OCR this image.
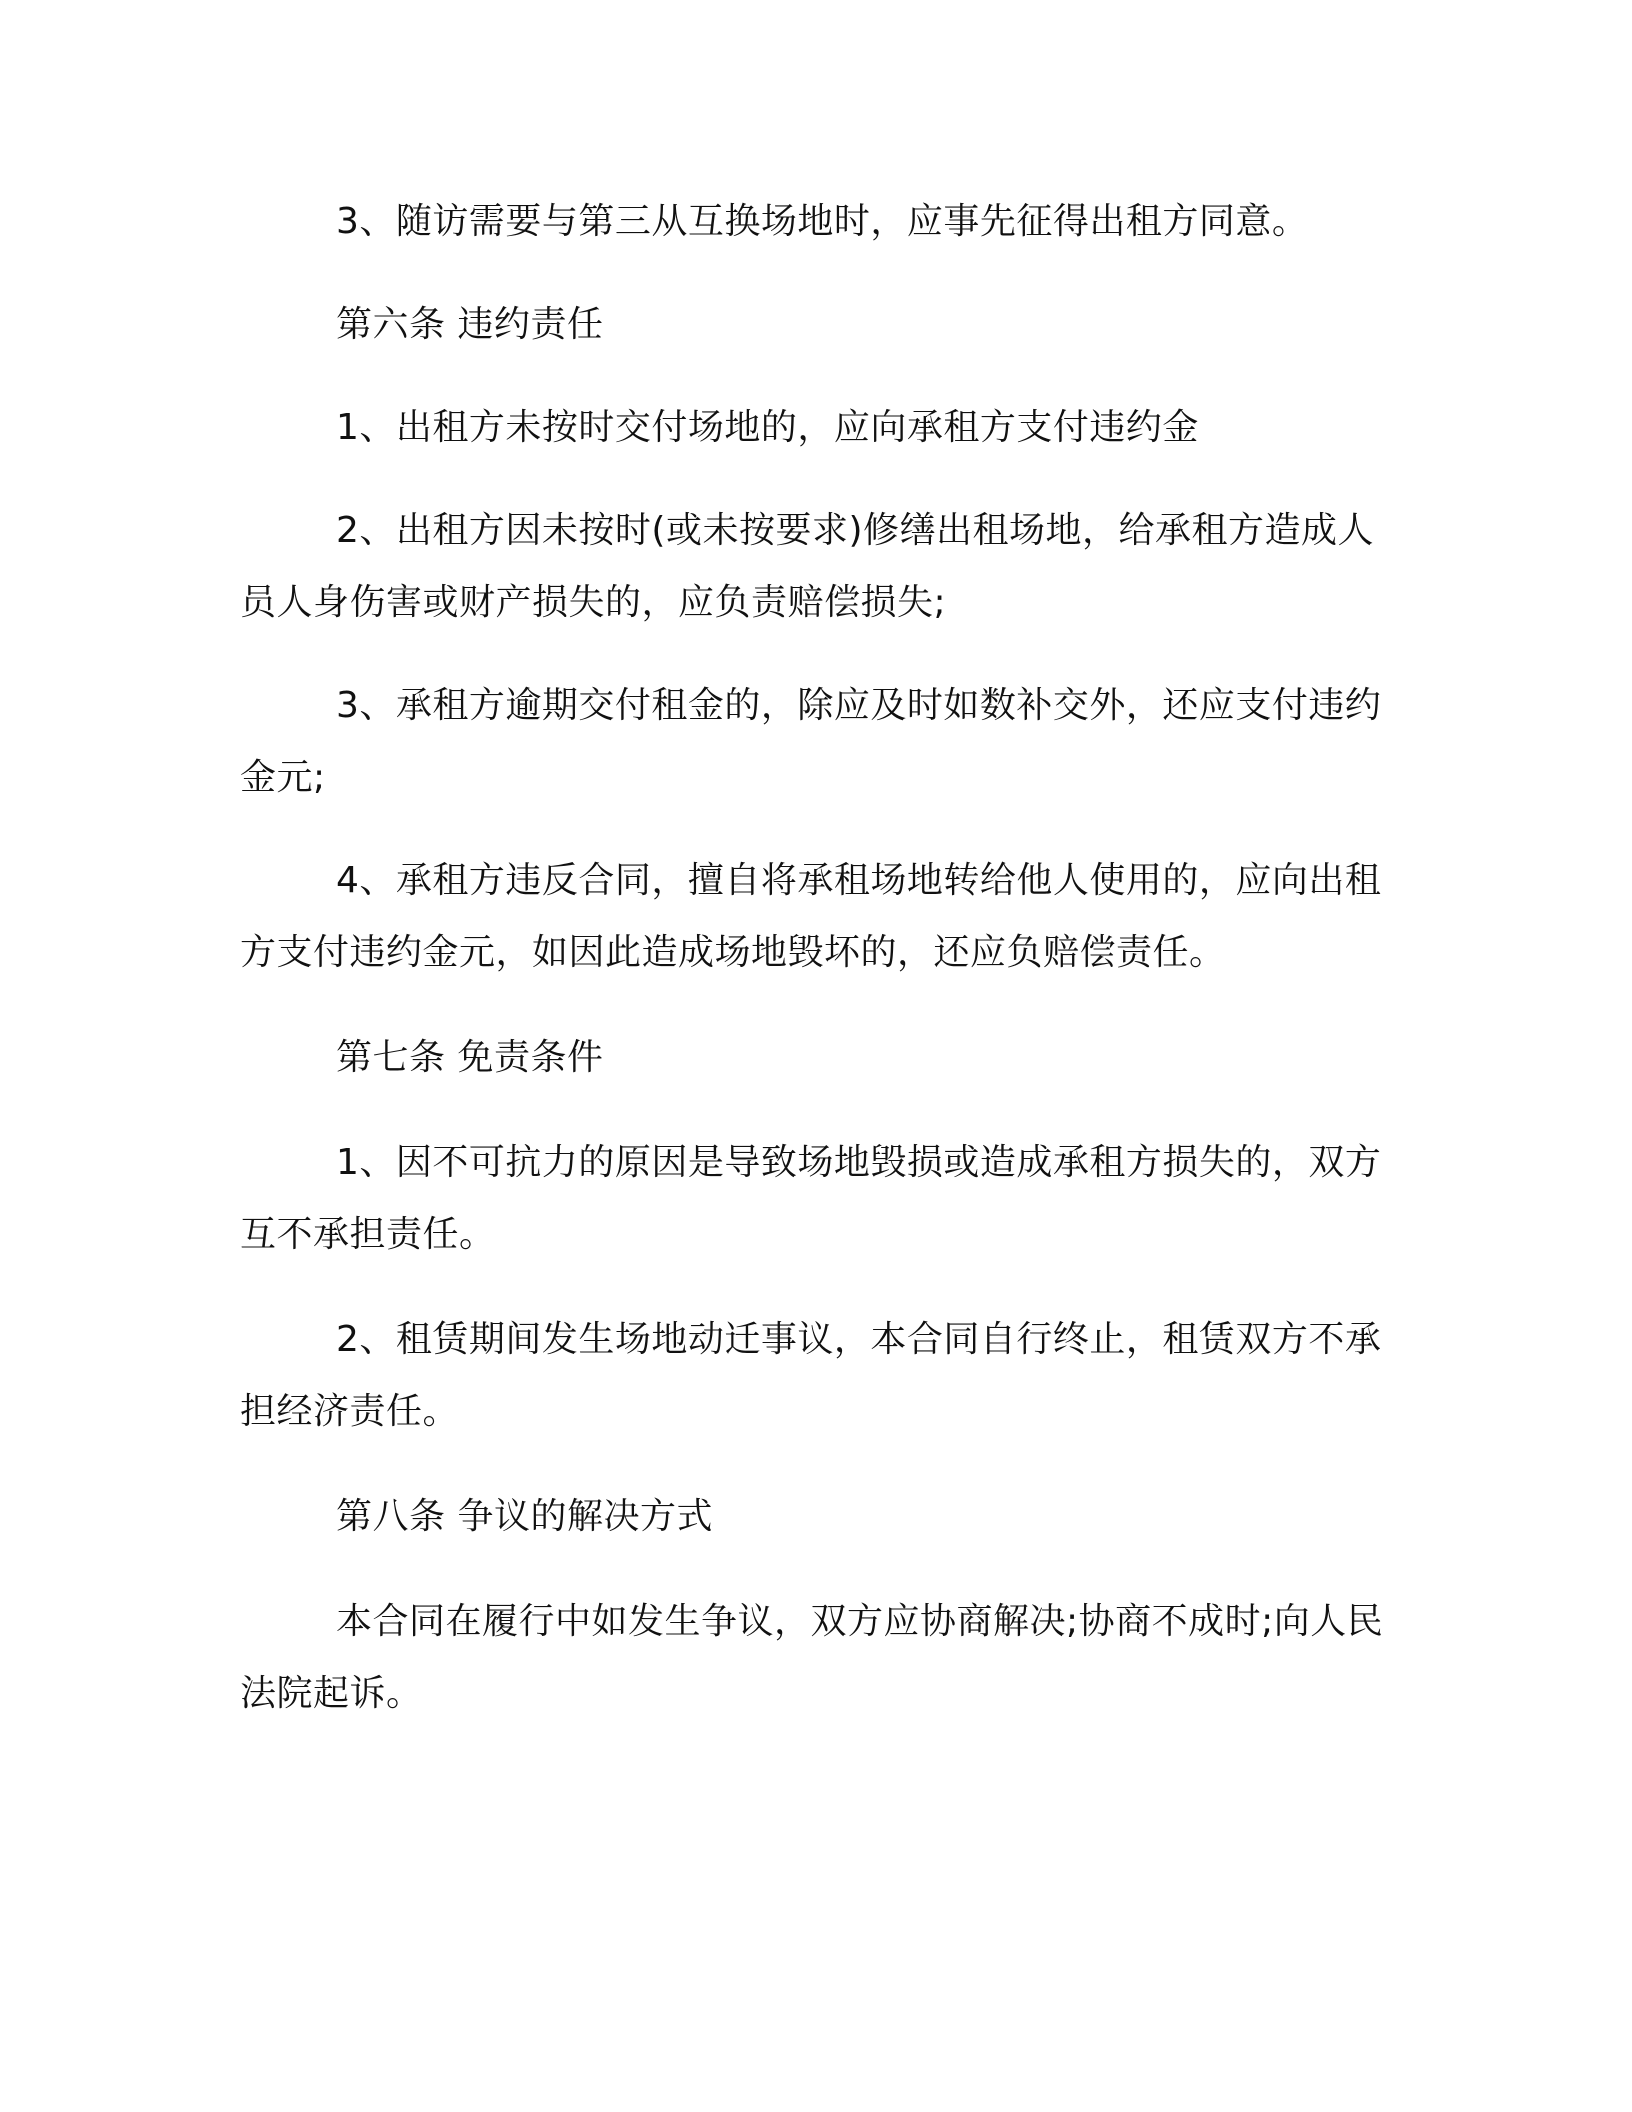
3、随访需要与第三从互换场地时，应事先征得出租方同意。

第六条 违约责任

1、出租方未按时交付场地的，应向承租方支付违约金

2、出租方因未按时(或未按要求)修缮出租场地，给承租方造成人员人身伤害或财产损失的，应负责赔偿损失;

3、承租方逾期交付租金的，除应及时如数补交外，还应支付违约金元;

4、承租方违反合同，擅自将承租场地转给他人使用的，应向出租方支付违约金元，如因此造成场地毁坏的，还应负赔偿责任。

第七条 免责条件

1、因不可抗力的原因是导致场地毁损或造成承租方损失的，双方互不承担责任。

2、租赁期间发生场地动迁事议，本合同自行终止，租赁双方不承担经济责任。

第八条 争议的解决方式

本合同在履行中如发生争议，双方应协商解决;协商不成时;向人民法院起诉。
